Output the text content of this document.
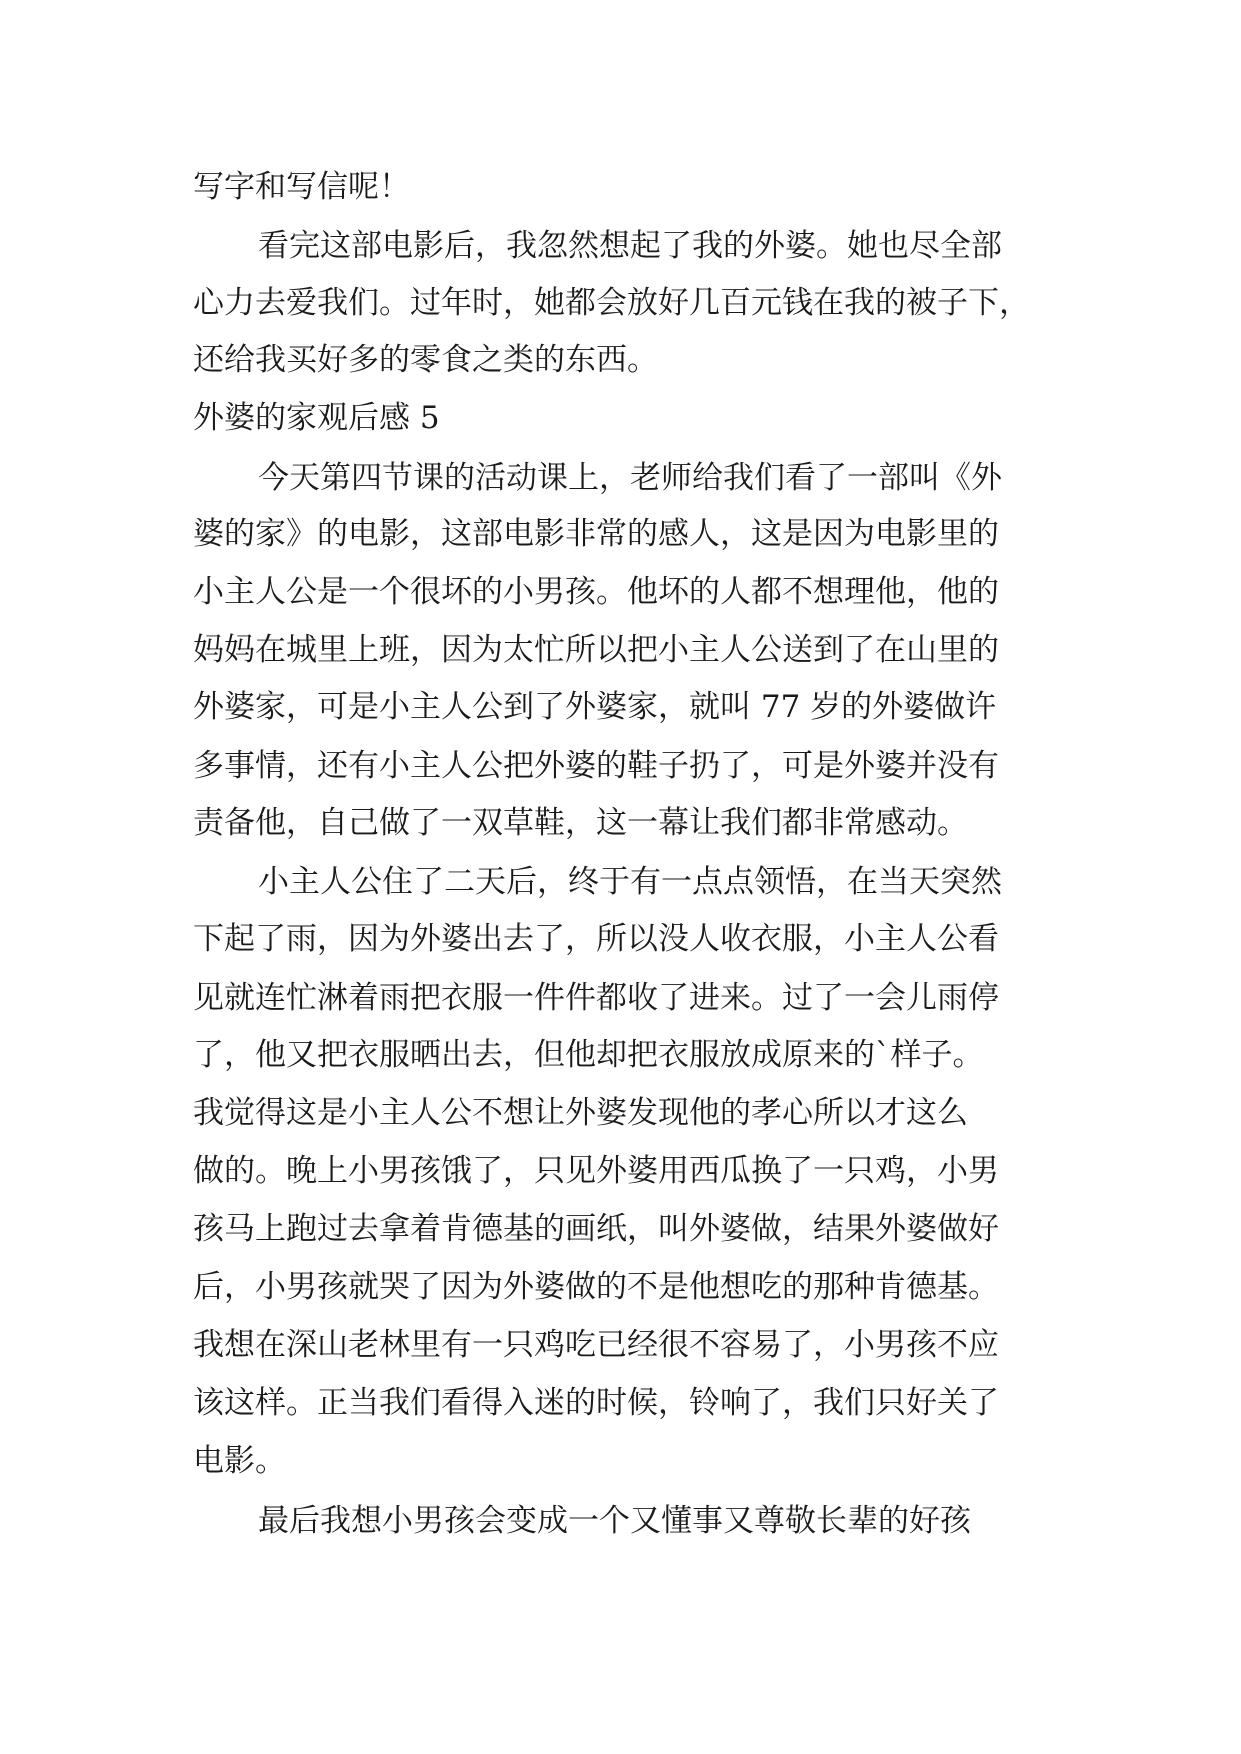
写字和写信呢！
看完这部电影后，我忽然想起了我的外婆。她也尽全部
心力去爱我们。过年时，她都会放好几百元钱在我的被子下，
还给我买好多的零食之类的东西。
外婆的家观后感 5
今天第四节课的活动课上，老师给我们看了一部叫《外
婆的家》的电影，这部电影非常的感人，这是因为电影里的
小主人公是一个很坏的小男孩。他坏的人都不想理他，他的
妈妈在城里上班，因为太忙所以把小主人公送到了在山里的
外婆家，可是小主人公到了外婆家，就叫 77 岁的外婆做许
多事情，还有小主人公把外婆的鞋子扔了，可是外婆并没有
责备他，自己做了一双草鞋，这一幕让我们都非常感动。
小主人公住了二天后，终于有一点点领悟，在当天突然
下起了雨，因为外婆出去了，所以没人收衣服，小主人公看
见就连忙淋着雨把衣服一件件都收了进来。过了一会儿雨停
了，他又把衣服晒出去，但他却把衣服放成原来的`样子。
我觉得这是小主人公不想让外婆发现他的孝心所以才这么
做的。晚上小男孩饿了，只见外婆用西瓜换了一只鸡，小男
孩马上跑过去拿着肯德基的画纸，叫外婆做，结果外婆做好
后，小男孩就哭了因为外婆做的不是他想吃的那种肯德基。
我想在深山老林里有一只鸡吃已经很不容易了，小男孩不应
该这样。正当我们看得入迷的时候，铃响了，我们只好关了
电影。
最后我想小男孩会变成一个又懂事又尊敬长辈的好孩
